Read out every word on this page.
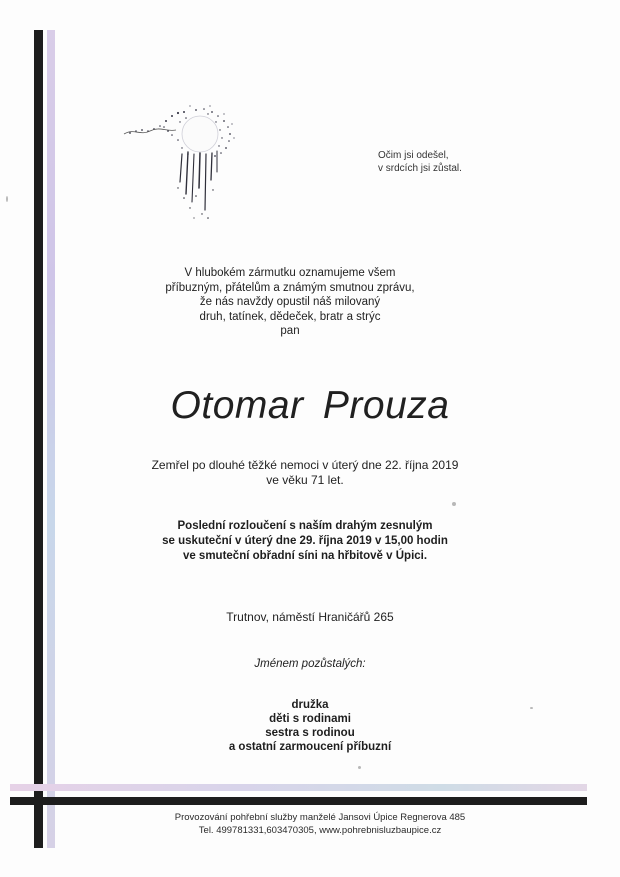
Očim jsi odešel,
v srdcích jsi zůstal.
V hlubokém zármutku oznamujeme všem
příbuzným, přátelům a známým smutnou zprávu,
že nás navždy opustil náš milovaný
druh, tatínek, dědeček, bratr a strýc
pan
Otomar Prouza
Zemřel po dlouhé těžké nemoci v úterý dne 22. října 2019
ve věku 71 let.
Poslední rozloučení s naším drahým zesnulým
se uskuteční v úterý dne 29. října 2019 v 15,00 hodin
ve smuteční obřadní síni na hřbitově v Úpici.
Trutnov, náměstí Hraničářů 265
Jménem pozůstalých:
družka
děti s rodinami
sestra s rodinou
a ostatní zarmoucení příbuzní
Provozování pohřební služby manželé Jansovi Úpice Regnerova 485
Tel. 499781331,603470305, www.pohrebnisluzbaupice.cz
